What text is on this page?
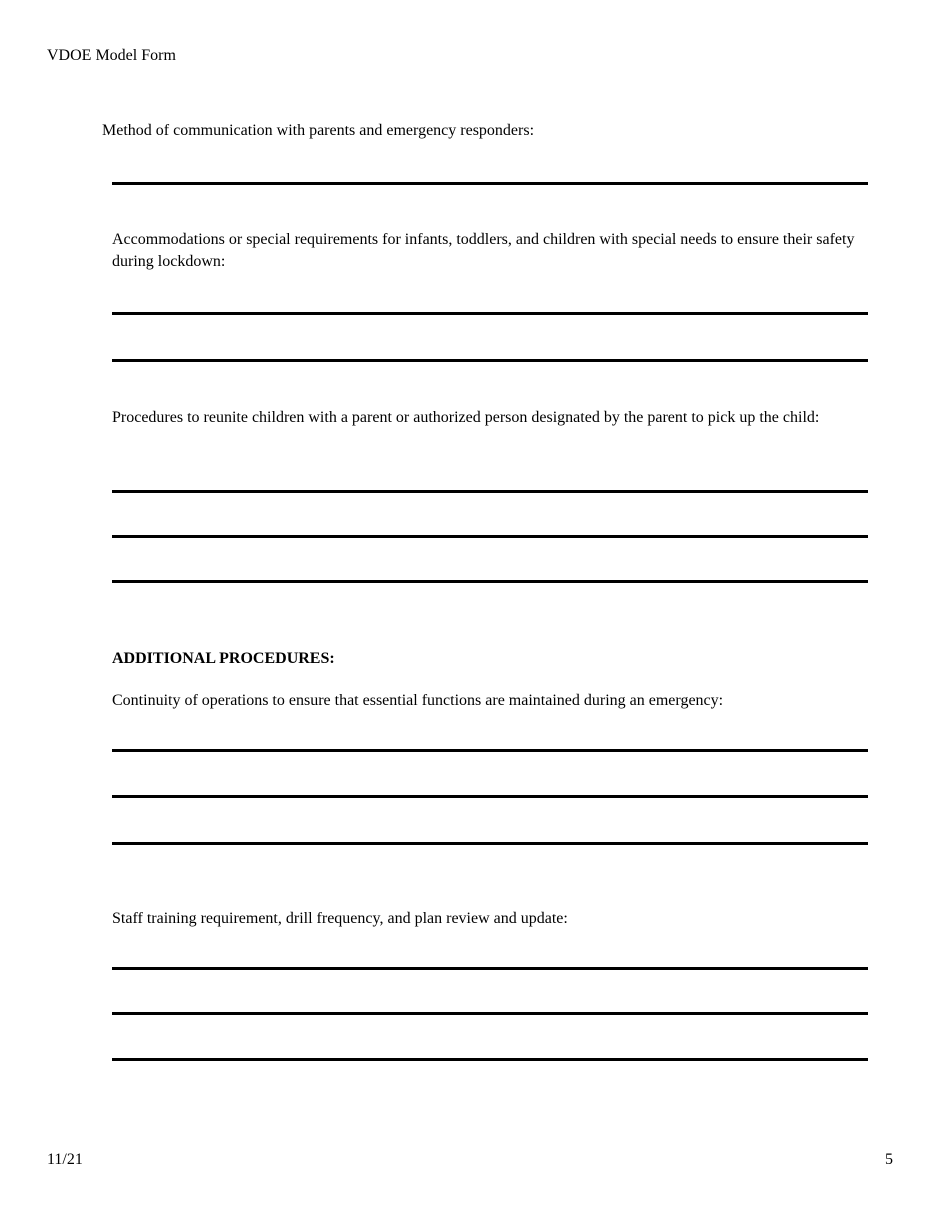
VDOE Model Form

Method of communication with parents and emergency responders:

Accommodations or special requirements for infants, toddlers, and children with special needs to ensure their safety during lockdown:

Procedures to reunite children with a parent or authorized person designated by the parent to pick up the child:

ADDITIONAL PROCEDURES:

Continuity of operations to ensure that essential functions are maintained during an emergency:

Staff training requirement, drill frequency, and plan review and update:

11/21	5
